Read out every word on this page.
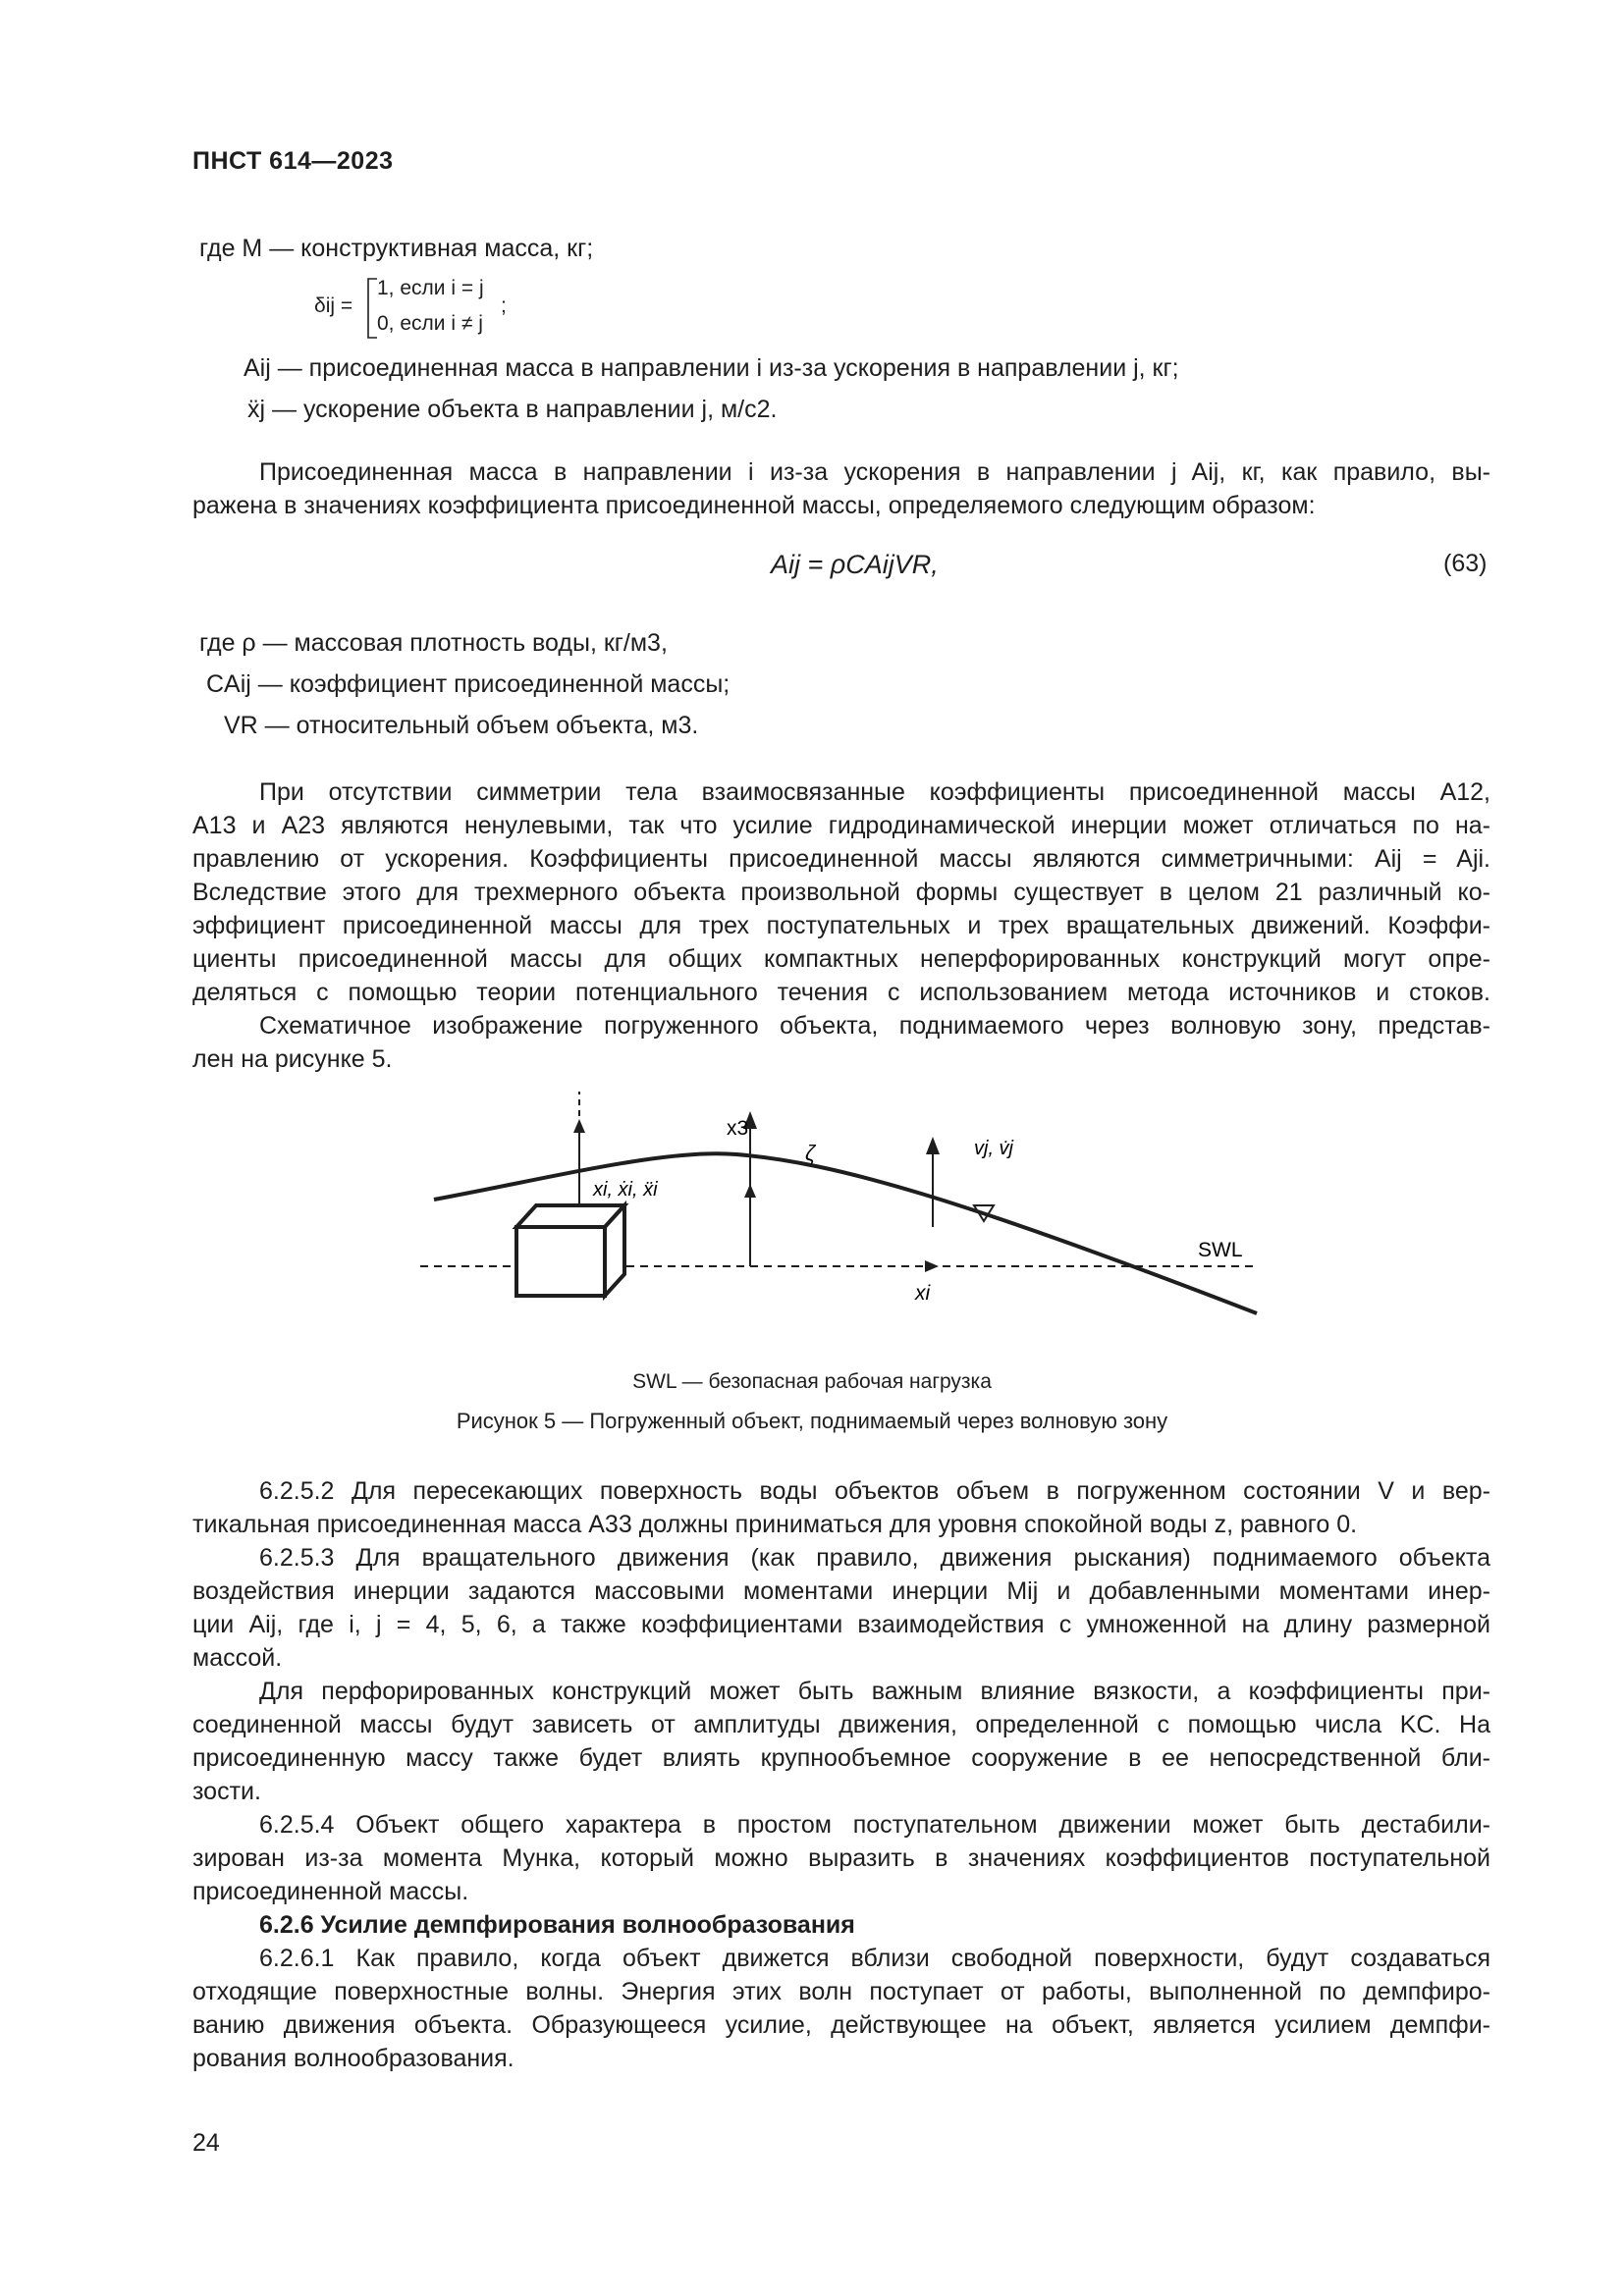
ПНСТ 614—2023
где M — конструктивная масса, кг;
δij =
1, если i = j
0, если i ≠ j
;
Aij — присоединенная масса в направлении i из-за ускорения в направлении j, кг;
ẍj — ускорение объекта в направлении j, м/с2.
Присоединенная масса в направлении i из-за ускорения в направлении j Aij, кг, как правило, вы-
ражена в значениях коэффициента присоединенной массы, определяемого следующим образом:
Aij = ρCAijVR,	(63)
где ρ — массовая плотность воды, кг/м3,
CAij — коэффициент присоединенной массы;
VR — относительный объем объекта, м3.
При отсутствии симметрии тела взаимосвязанные коэффициенты присоединенной массы A12,
A13 и A23 являются ненулевыми, так что усилие гидродинамической инерции может отличаться по на-
правлению от ускорения. Коэффициенты присоединенной массы являются симметричными: Aij = Aji.
Вследствие этого для трехмерного объекта произвольной формы существует в целом 21 различный ко-
эффициент присоединенной массы для трех поступательных и трех вращательных движений. Коэффи-
циенты присоединенной массы для общих компактных неперфорированных конструкций могут опре-
деляться с помощью теории потенциального течения с использованием метода источников и стоков.
Схематичное изображение погруженного объекта, поднимаемого через волновую зону, представ-
лен на рисунке 5.
x3
ζ	vj, v̇j
xi, ẋi, ẍi
SWL
xi
SWL — безопасная рабочая нагрузка
Рисунок 5 — Погруженный объект, поднимаемый через волновую зону
6.2.5.2 Для пересекающих поверхность воды объектов объем в погруженном состоянии V и вер-
тикальная присоединенная масса A33 должны приниматься для уровня спокойной воды z, равного 0.
6.2.5.3 Для вращательного движения (как правило, движения рыскания) поднимаемого объекта
воздействия инерции задаются массовыми моментами инерции Mij и добавленными моментами инер-
ции Aij, где i, j = 4, 5, 6, а также коэффициентами взаимодействия с умноженной на длину размерной
массой.
Для перфорированных конструкций может быть важным влияние вязкости, а коэффициенты при-
соединенной массы будут зависеть от амплитуды движения, определенной с помощью числа KC. На
присоединенную массу также будет влиять крупнообъемное сооружение в ее непосредственной бли-
зости.
6.2.5.4 Объект общего характера в простом поступательном движении может быть дестабили-
зирован из-за момента Мунка, который можно выразить в значениях коэффициентов поступательной
присоединенной массы.
6.2.6 Усилие демпфирования волнообразования
6.2.6.1 Как правило, когда объект движется вблизи свободной поверхности, будут создаваться
отходящие поверхностные волны. Энергия этих волн поступает от работы, выполненной по демпфиро-
ванию движения объекта. Образующееся усилие, действующее на объект, является усилием демпфи-
рования волнообразования.
24
